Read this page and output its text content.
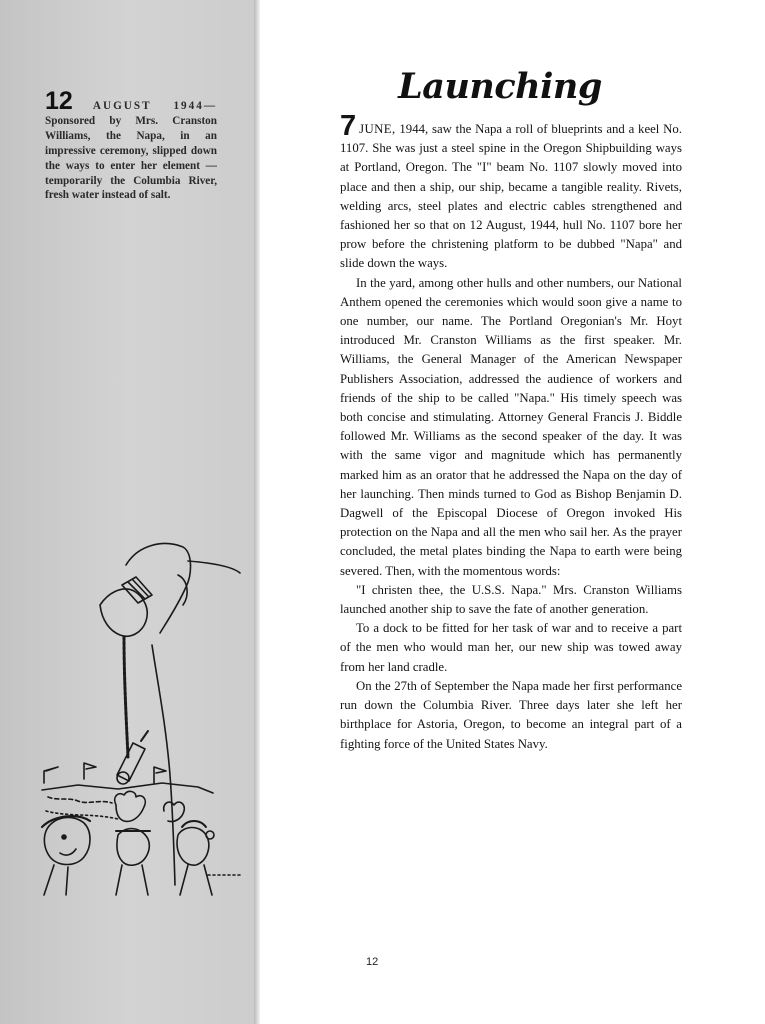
12 AUGUST 1944— Sponsored by Mrs. Cranston Williams, the Napa, in an impressive ceremony, slipped down the ways to enter her element — temporarily the Columbia River, fresh water instead of salt.
Launching

7 JUNE, 1944, saw the Napa a roll of blueprints and a keel No. 1107. She was just a steel spine in the Oregon Shipbuilding ways at Portland, Oregon. The "I" beam No. 1107 slowly moved into place and then a ship, our ship, became a tangible reality. Rivets, welding arcs, steel plates and electric cables strengthened and fashioned her so that on 12 August, 1944, hull No. 1107 bore her prow before the christening platform to be dubbed "Napa" and slide down the ways.

In the yard, among other hulls and other numbers, our National Anthem opened the ceremonies which would soon give a name to one number, our name. The Portland Oregonian's Mr. Hoyt introduced Mr. Cranston Williams as the first speaker. Mr. Williams, the General Manager of the American Newspaper Publishers Association, addressed the audience of workers and friends of the ship to be called "Napa." His timely speech was both concise and stimulating. Attorney General Francis J. Biddle followed Mr. Williams as the second speaker of the day. It was with the same vigor and magnitude which has permanently marked him as an orator that he addressed the Napa on the day of her launching. Then minds turned to God as Bishop Benjamin D. Dagwell of the Episcopal Diocese of Oregon invoked His protection on the Napa and all the men who sail her. As the prayer concluded, the metal plates binding the Napa to earth were being severed. Then, with the momentous words:

"I christen thee, the U.S.S. Napa." Mrs. Cranston Williams launched another ship to save the fate of another generation.

To a dock to be fitted for her task of war and to receive a part of the men who would man her, our new ship was towed away from her land cradle.

On the 27th of September the Napa made her first performance run down the Columbia River. Three days later she left her birthplace for Astoria, Oregon, to become an integral part of a fighting force of the United States Navy.

12
